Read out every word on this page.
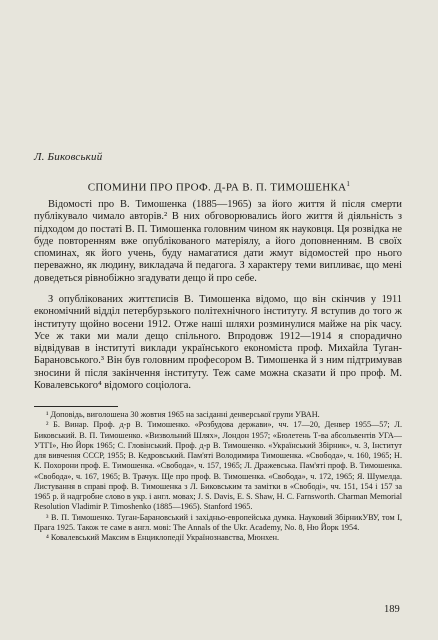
Л. Биковський
СПОМИНИ ПРО ПРОФ. Д-РА В. П. ТИМОШЕНКА$^1$

Відомості про В. Тимошенка (1885—1965) за його життя й після смерти публікувало чимало авторів.² В них обговорювались його життя й діяльність з підходом до постаті В. П. Тимошенка головним чином як науковця. Ця розвідка не буде повторенням вже опублікованого матеріялу, а його доповненням. В своїх споминах, як його учень, буду намагатися дати жмут відомостей про нього переважно, як людину, викладача й педагога. З характеру теми випливає, що мені доведеться рівнобіжно згадувати дещо й про себе.

З опублікованих життєписів В. Тимошенка відомо, що він скінчив у 1911 економічний відділ петербурзького політехнічного інституту. Я вступив до того ж інституту щойно восени 1912. Отже наші шляхи розминулися майже на рік часу. Усе ж таки ми мали дещо спільного. Впродовж 1912—1914 я спорадично відвідував в інституті виклади українського економіста проф. Михайла Туган-Барановського.³ Він був головним професором В. Тимошенка й з ним підтримував зносини й після закінчення інституту. Теж саме можна сказати й про проф. М. Ковалевського⁴ відомого соціолога.

¹ Доповідь, виголошена 30 жовтня 1965 на засіданні денверської групи УВАН.
² Б. Винар. Проф. д-р В. Тимошенко. «Розбудова держави», чч. 17—20, Денвер 1955—57; Л. Биковський. В. П. Тимошенко. «Визвольний Шлях», Лондон 1957; «Бюлетень Т-ва абсольвентів УГА—УТГІ», Ню Йорк 1965; С. Гловінський. Проф. д-р В. Тимошенко. «Український Збірник», ч. 3, Інститут для вивчення СССР, 1955; В. Кедровський. Пам'яті Володимира Тимошенка. «Свобода», ч. 160, 1965; Н. К. Похорони проф. Е. Тимошенка. «Свобода», ч. 157, 1965; Л. Дражевська. Пам'яті проф. В. Тимошенка. «Свобода», ч. 167, 1965; В. Трачук. Ще про проф. В. Тимошенка. «Свобода», ч. 172, 1965; Я. Шумелда. Листування в справі проф. В. Тимошенка з Л. Биковським та замітки в «Свободі», чч. 151, 154 і 157 за 1965 р. й надгробне слово в укр. і англ. мовах; J. S. Davis, E. S. Shaw, H. C. Farnsworth. Charman Memorial Resolution Vladimir P. Timoshenko (1885—1965). Stanford 1965.
³ В. П. Тимошенко. Туган-Барановський і західньо-европейська думка. Науковий ЗбірникУВУ, том I, Прага 1925. Також те саме в англ. мові: The Annals of the Ukr. Academy, No. 8, Ню Йорк 1954.
⁴ Ковалевський Максим в Енциклопедії Українознавства, Мюнхен.
189
